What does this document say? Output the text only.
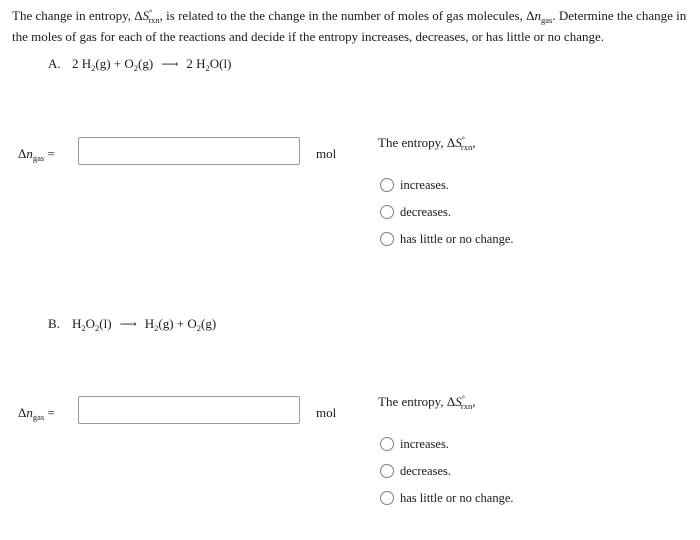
The change in entropy, $\Delta S^\circ_{rxn}$, is related to the the change in the number of moles of gas molecules, $\Delta n_{gas}$. Determine the change in the moles of gas for each of the reactions and decide if the entropy increases, decreases, or has little or no change.
A. 2 $H_2(g) + O_2(g)$ ⟶ 2 $H_2O(l)$
$\Delta n_{gas}$ =	mol
The entropy, $\Delta S^\circ_{rxn}$,
increases.
decreases.
has little or no change.
B. $H_2O_2(l)$ ⟶ $H_2(g) + O_2(g)$
$\Delta n_{gas}$ =	mol
The entropy, $\Delta S^\circ_{rxn}$,
increases.
decreases.
has little or no change.
